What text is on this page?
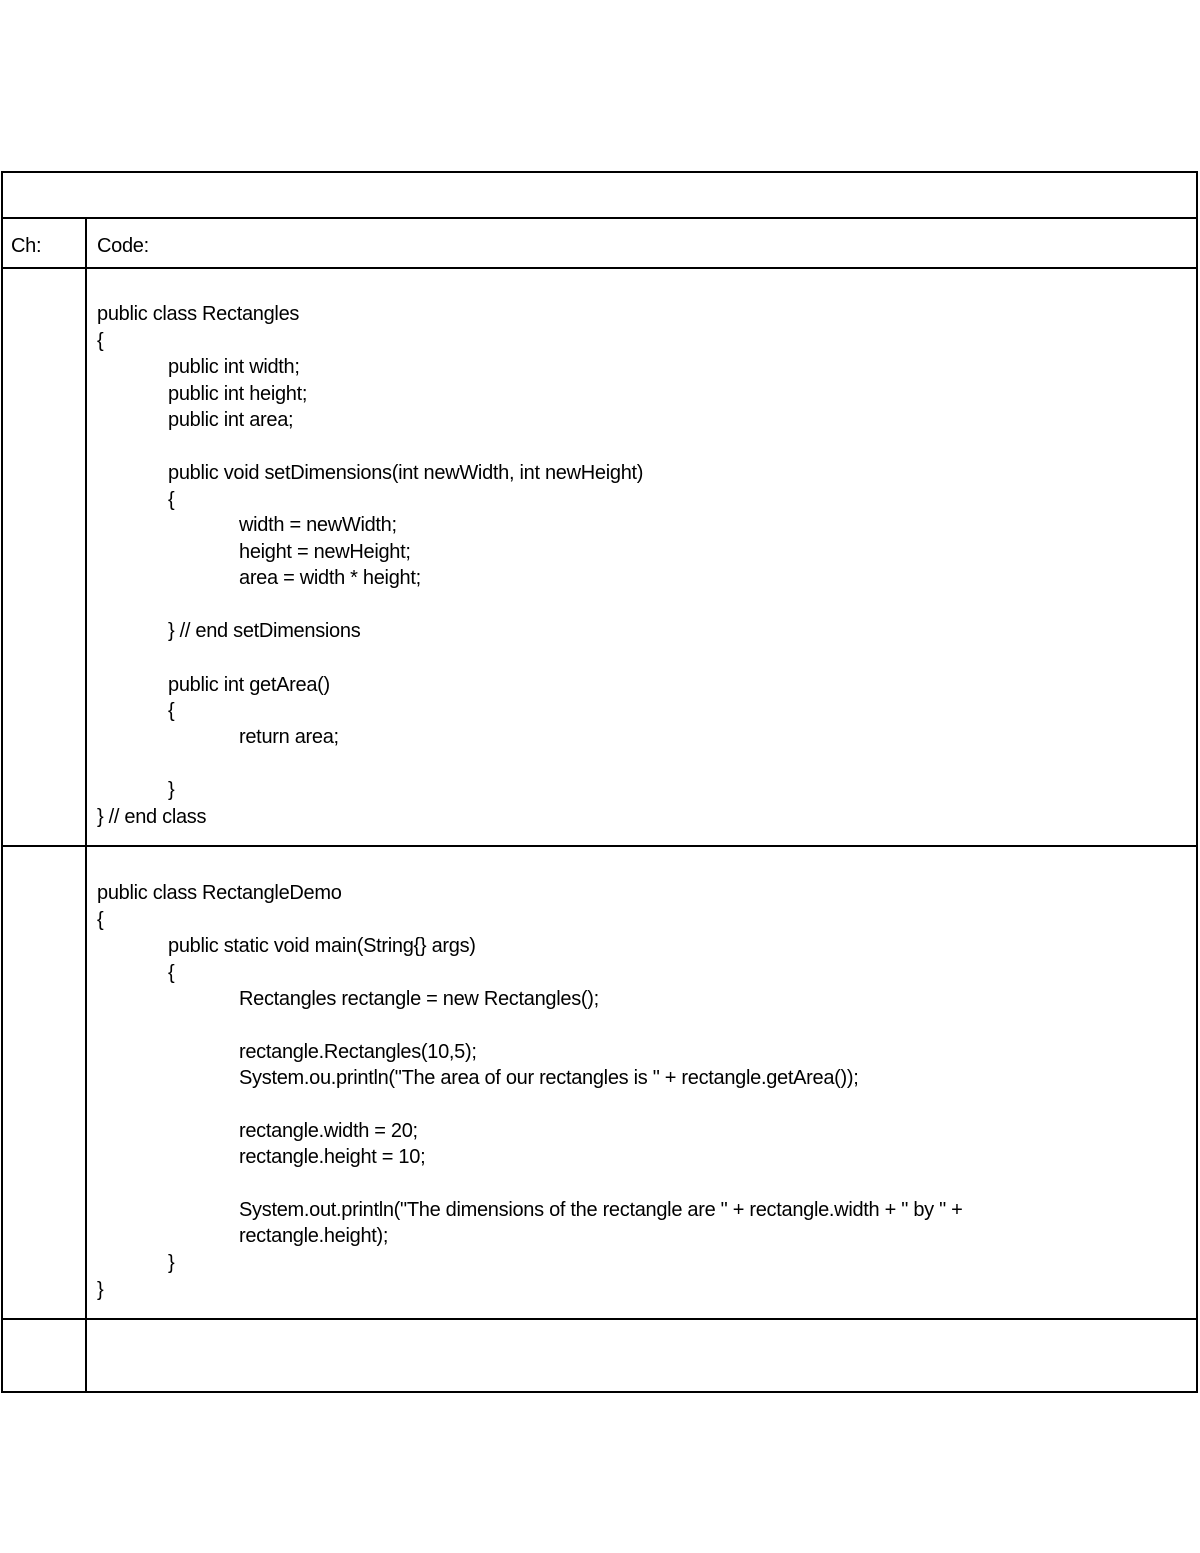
Ch:	Code:
public class Rectangles
{
public int width;
public int height;
public int area;
public void setDimensions(int newWidth, int newHeight)
{
width = newWidth;
height = newHeight;
area = width * height;
} // end setDimensions
public int getArea()
{
return area;
}
} // end class
public class RectangleDemo
{
public static void main(String{} args)
{
Rectangles rectangle = new Rectangles();
rectangle.Rectangles(10,5);
System.ou.println("The area of our rectangles is " + rectangle.getArea());
rectangle.width = 20;
rectangle.height = 10;
System.out.println("The dimensions of the rectangle are " + rectangle.width + " by " +
rectangle.height);
}
}
